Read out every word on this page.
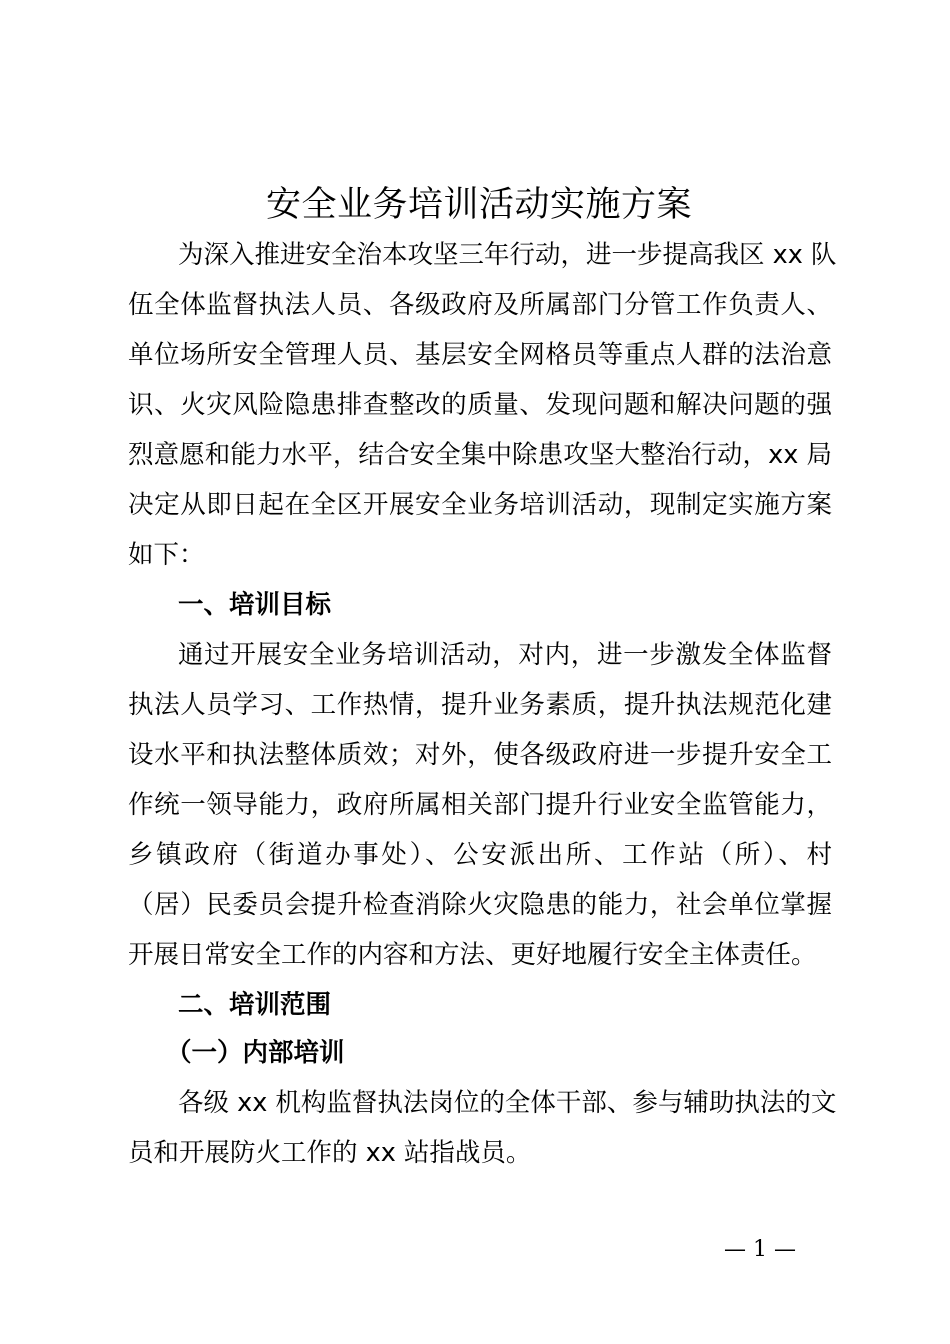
安全业务培训活动实施方案
为深入推进安全治本攻坚三年行动，进一步提高我区 xx 队
伍全体监督执法人员、各级政府及所属部门分管工作负责人、
单位场所安全管理人员、基层安全网格员等重点人群的法治意
识、火灾风险隐患排查整改的质量、发现问题和解决问题的强
烈意愿和能力水平，结合安全集中除患攻坚大整治行动，xx 局
决定从即日起在全区开展安全业务培训活动，现制定实施方案
如下：
一、培训目标
通过开展安全业务培训活动，对内，进一步激发全体监督
执法人员学习、工作热情，提升业务素质，提升执法规范化建
设水平和执法整体质效；对外，使各级政府进一步提升安全工
作统一领导能力，政府所属相关部门提升行业安全监管能力，
乡镇政府（街道办事处）、公安派出所、工作站（所）、村
（居）民委员会提升检查消除火灾隐患的能力，社会单位掌握
开展日常安全工作的内容和方法、更好地履行安全主体责任。
二、培训范围
（一）内部培训
各级 xx 机构监督执法岗位的全体干部、参与辅助执法的文
员和开展防火工作的 xx 站指战员。
— 1 —
